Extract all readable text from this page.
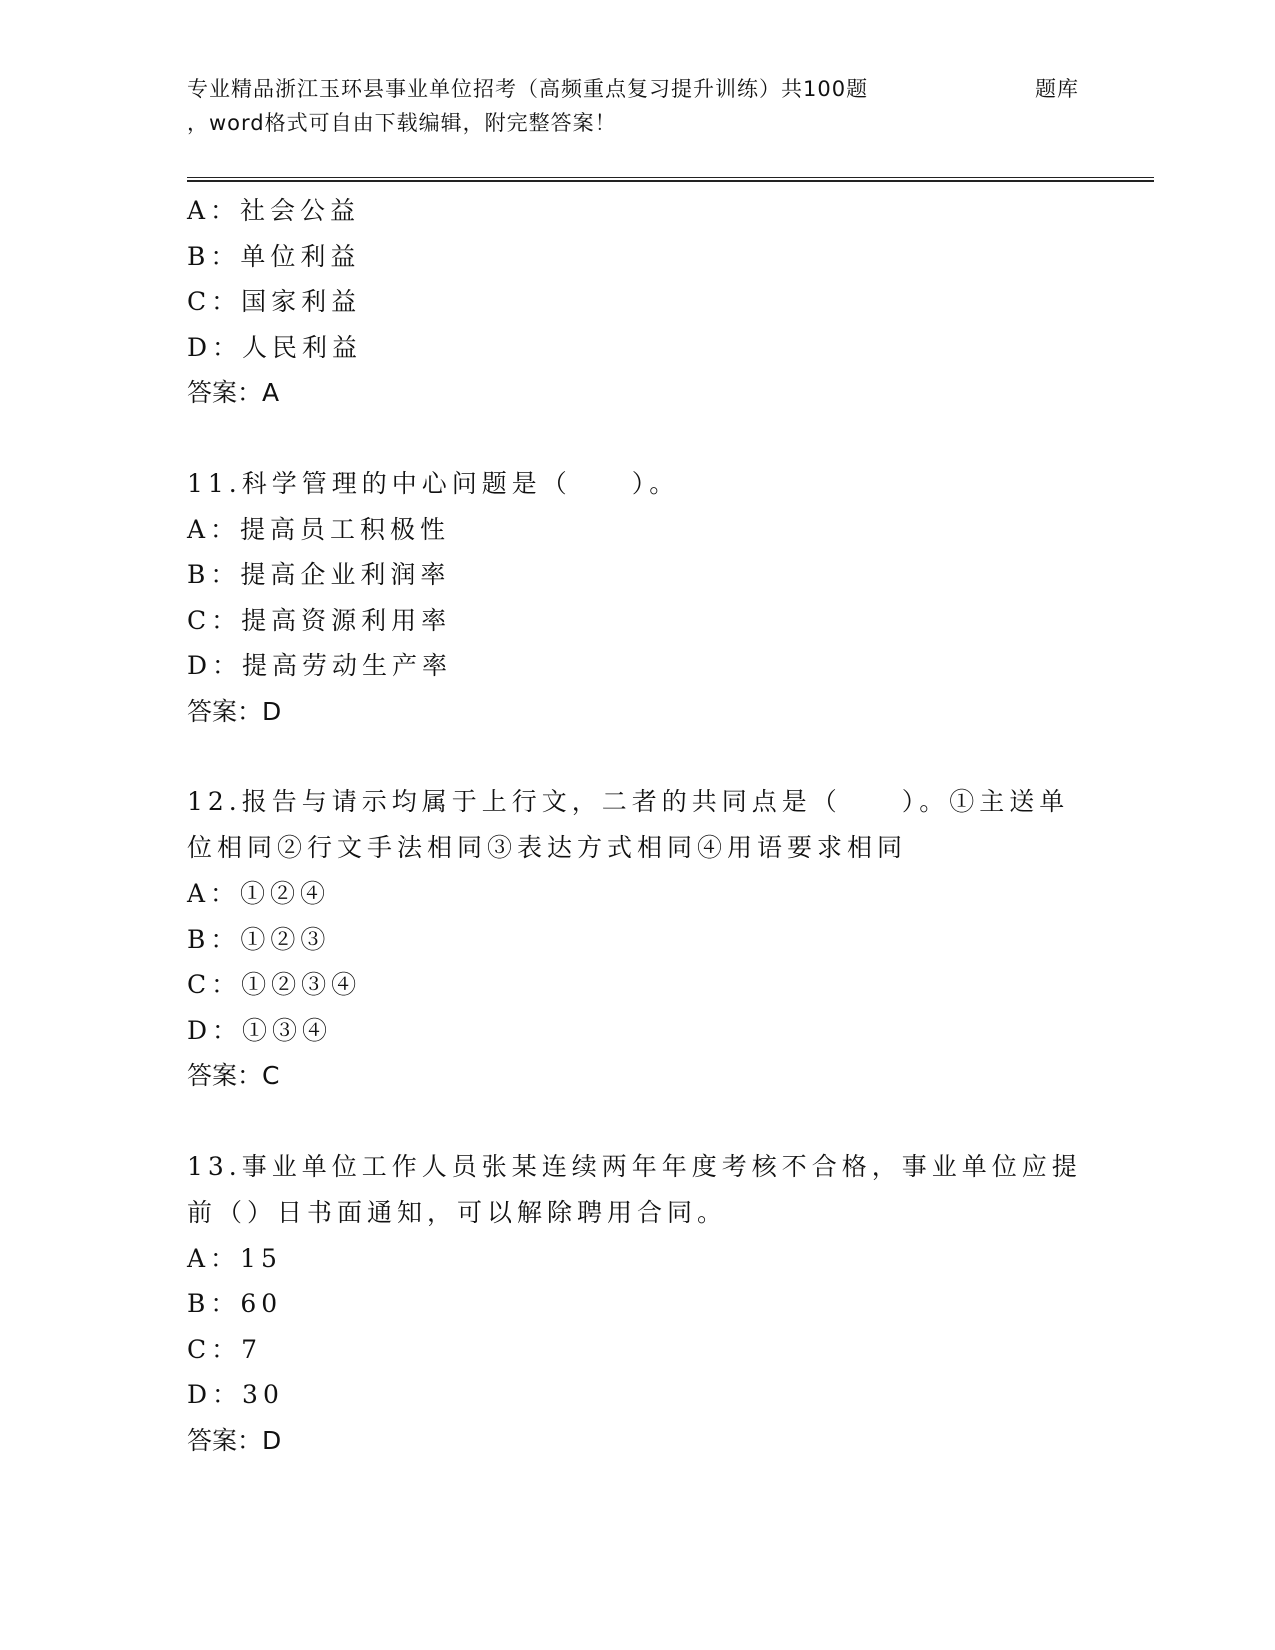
专业精品浙江玉环县事业单位招考（高频重点复习提升训练）共100题	题库
，word格式可自由下载编辑，附完整答案！
A：社会公益
B：单位利益
C：国家利益
D：人民利益
答案：A
11.科学管理的中心问题是（　　）。
A：提高员工积极性
B：提高企业利润率
C：提高资源利用率
D：提高劳动生产率
答案：D
12.报告与请示均属于上行文，二者的共同点是（　　）。①主送单位相同②行文手法相同③表达方式相同④用语要求相同
A：①②④
B：①②③
C：①②③④
D：①③④
答案：C
13.事业单位工作人员张某连续两年年度考核不合格，事业单位应提前（）日书面通知，可以解除聘用合同。
A：15
B：60
C：7
D：30
答案：D
